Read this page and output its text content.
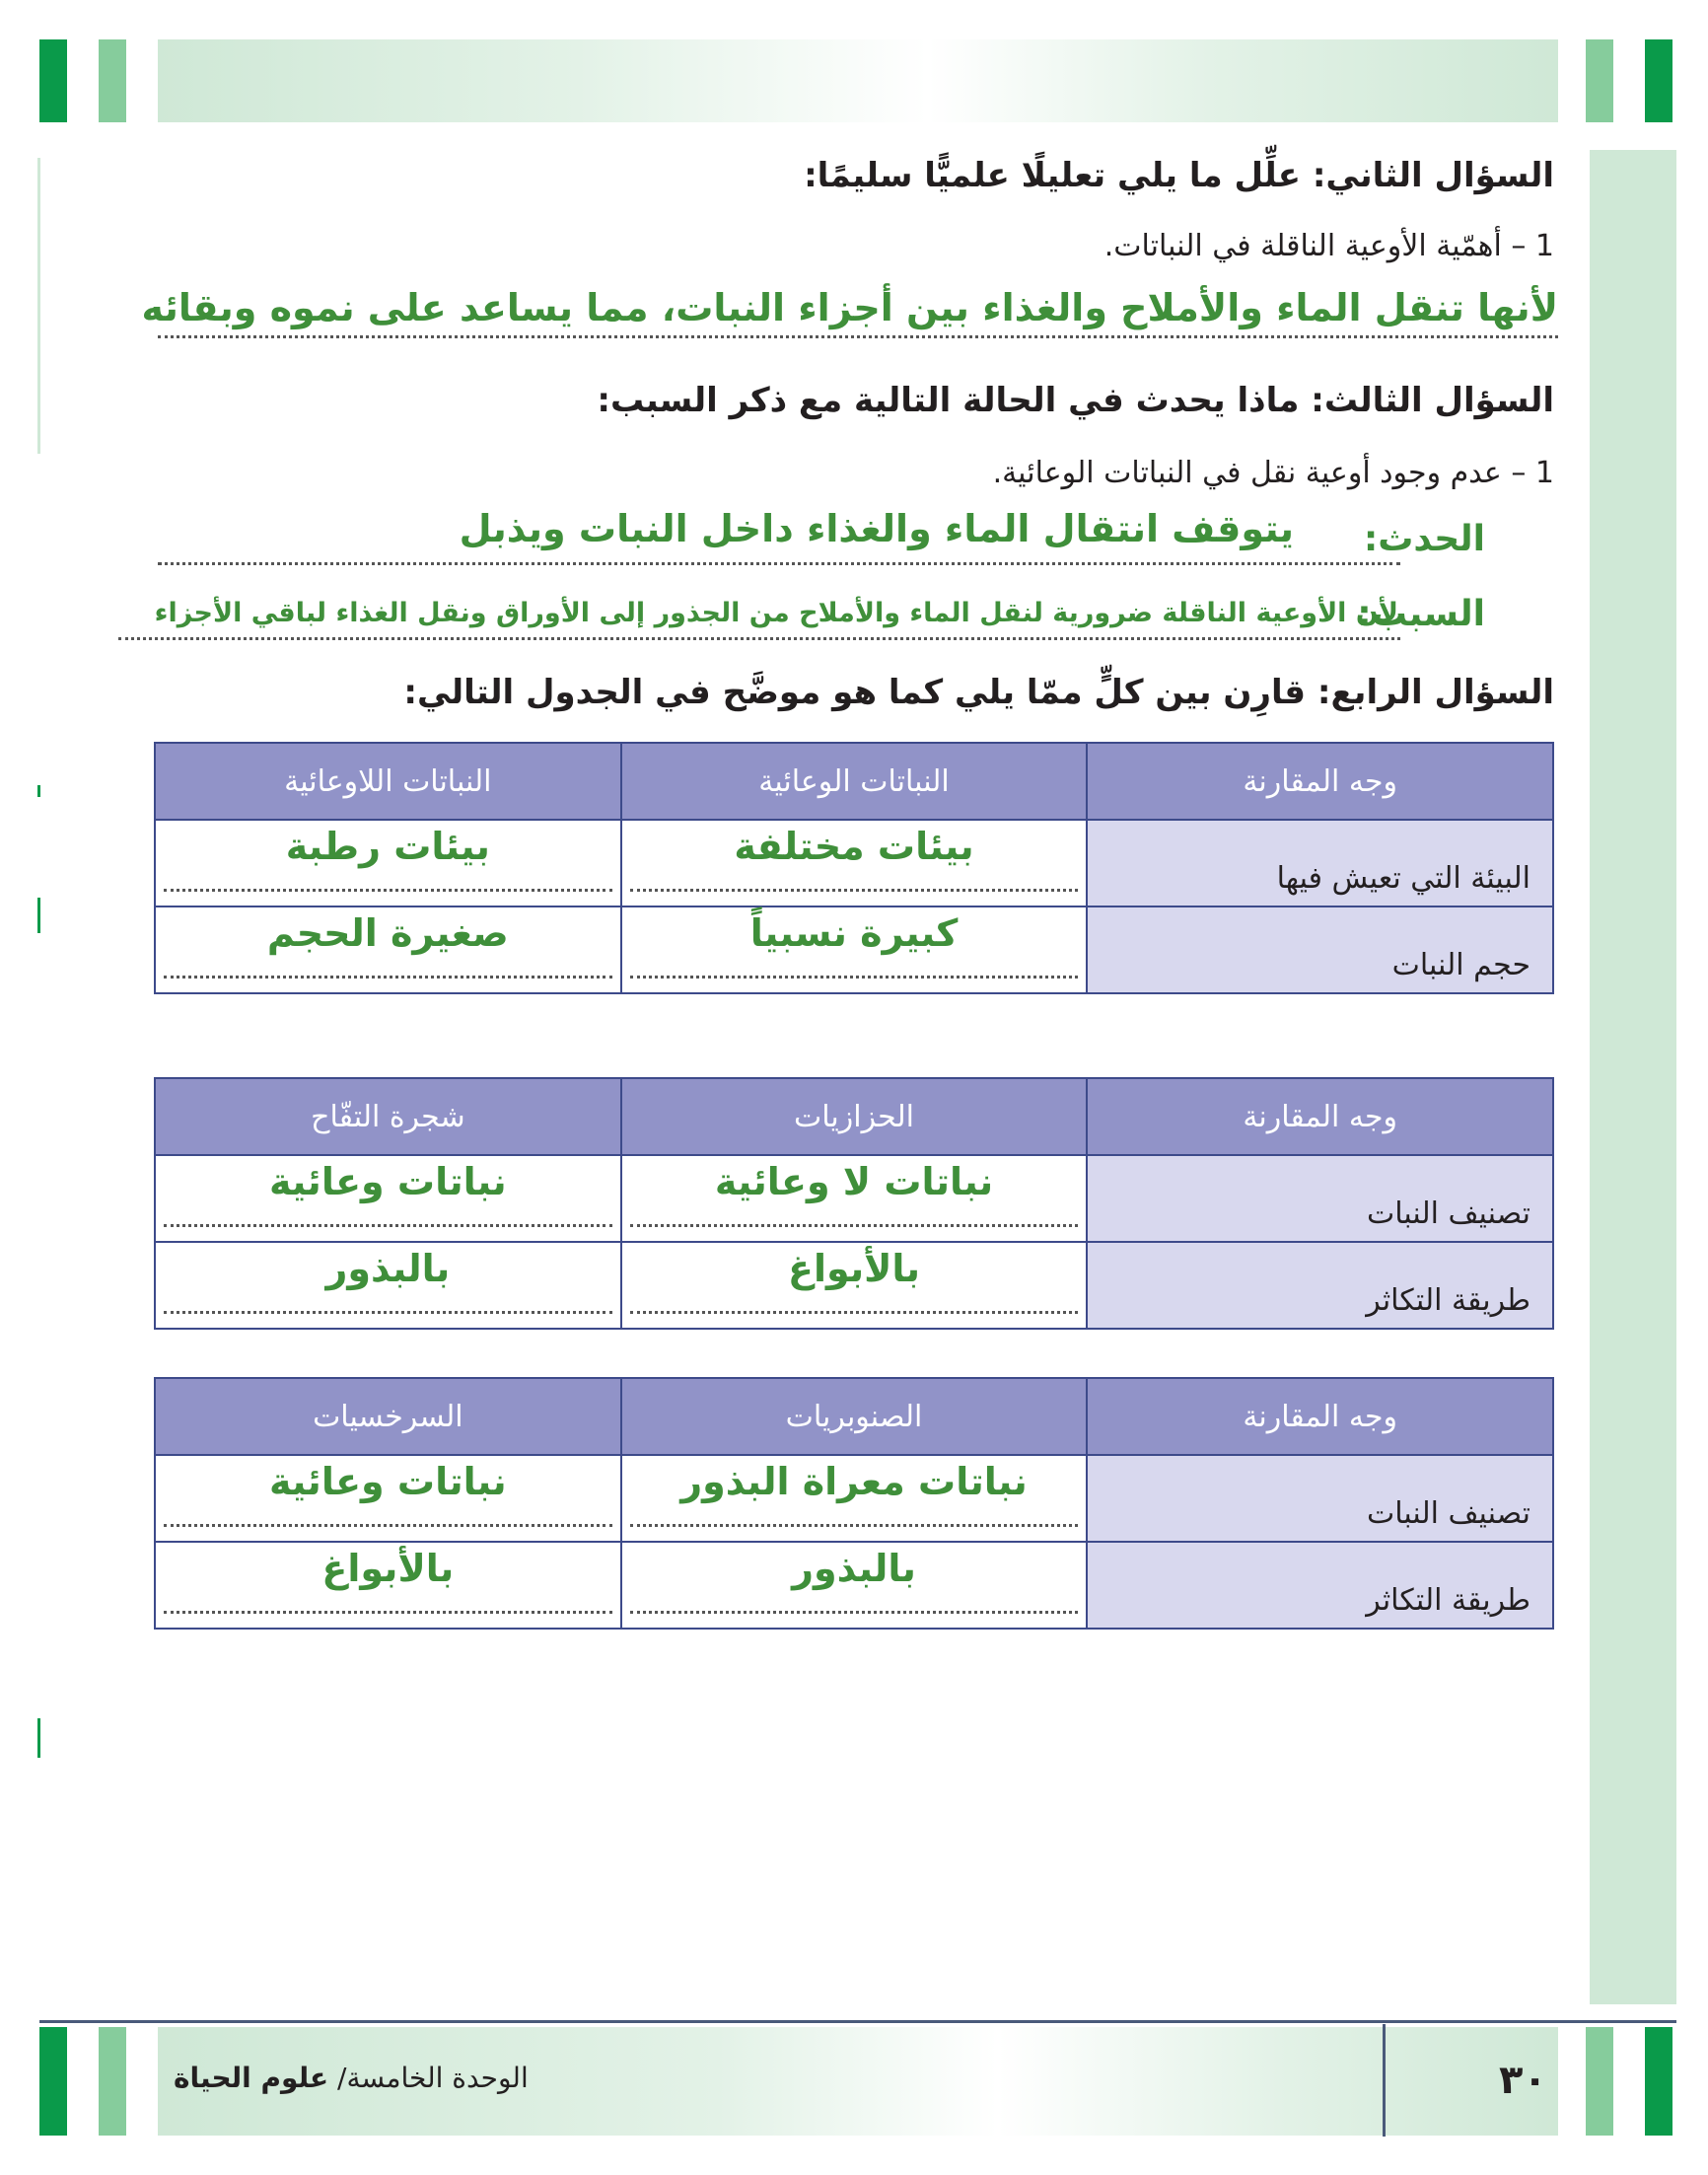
السؤال الثاني: علِّل ما يلي تعليلًا علميًّا سليمًا:
1 – أهمّية الأوعية الناقلة في النباتات.
لأنها تنقل الماء والأملاح والغذاء بين أجزاء النبات، مما يساعد على نموه وبقائه
السؤال الثالث: ماذا يحدث في الحالة التالية مع ذكر السبب:
1 – عدم وجود أوعية نقل في النباتات الوعائية.
الحدث:
يتوقف انتقال الماء والغذاء داخل النبات ويذبل
السبب:
لأن الأوعية الناقلة ضرورية لنقل الماء والأملاح من الجذور إلى الأوراق ونقل الغذاء لباقي الأجزاء
السؤال الرابع: قارِن بين كلٍّ ممّا يلي كما هو موضَّح في الجدول التالي:
وجه المقارنة	النباتات الوعائية	النباتات اللاوعائية
البيئة التي تعيش فيها	بيئات مختلفة	بيئات رطبة

حجم النبات	كبيرة نسبياً	صغيرة الحجم
وجه المقارنة	الحزازيات	شجرة التفّاح
تصنيف النبات	نباتات لا وعائية	نباتات وعائية

طريقة التكاثر	بالأبواغ	بالبذور
وجه المقارنة	الصنوبريات	السرخسيات
تصنيف النبات	نباتات معراة البذور	نباتات وعائية

طريقة التكاثر	بالبذور	بالأبواغ
الوحدة الخامسة/ علوم الحياة	٣٠
